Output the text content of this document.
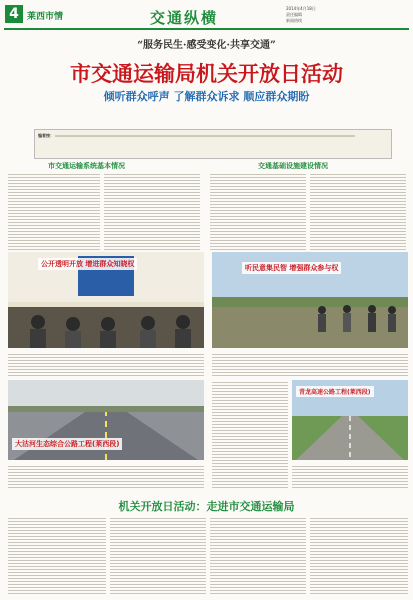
4 莱西市情	交通纵横
2014年4月18日
责任编辑
新闻热线
“服务民生·感受变化·共享交通”
市交通运输局机关开放日活动
倾听群众呼声 了解群众诉求 顺应群众期盼
编者按：
市交通运输系统基本情况	交通基础设施建设情况
公开透明开放 增进群众知晓权	听民意集民智 增强群众参与权
大沽河生态综合公路工程(莱西段)
青龙高速公路工程(莱西段)
机关开放日活动：走进市交通运输局
